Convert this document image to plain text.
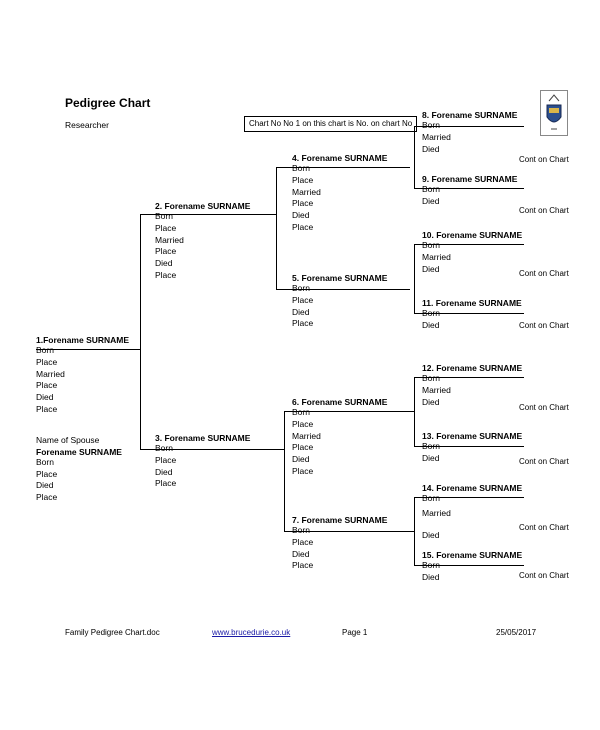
Pedigree Chart
Researcher	Chart No No 1 on this chart is No. on chart No
1.Forename SURNAME
Born
Place
Married
Place
Died
Place
Name of Spouse
Forename SURNAME
Born
Place
Died
Place
2. Forename SURNAME
Born
Place
Married
Place
Died
Place
3. Forename SURNAME
Born
Place
Died
Place
4. Forename SURNAME
Born
Place
Married
Place
Died
Place
5. Forename SURNAME
Born
Place
Died
Place
6. Forename SURNAME
Born
Place
Married
Place
Died
Place
7. Forename SURNAME
Born
Place
Died
Place
8. Forename SURNAME
Born
Married
Died
Cont on Chart
9. Forename SURNAME
Born
Died
Cont on Chart
10. Forename SURNAME
Born
Married
Died	Cont on Chart
11. Forename SURNAME
Born
Died	Cont on Chart
12. Forename SURNAME
Born
Married
Died
Cont on Chart
13. Forename SURNAME
Born
Died	Cont on Chart
14. Forename SURNAME
Born
Married
Died
Cont on Chart
15. Forename SURNAME
Born
Died	Cont on Chart
Family Pedigree Chart.doc	www.brucedurie.co.uk	Page 1	25/05/2017
